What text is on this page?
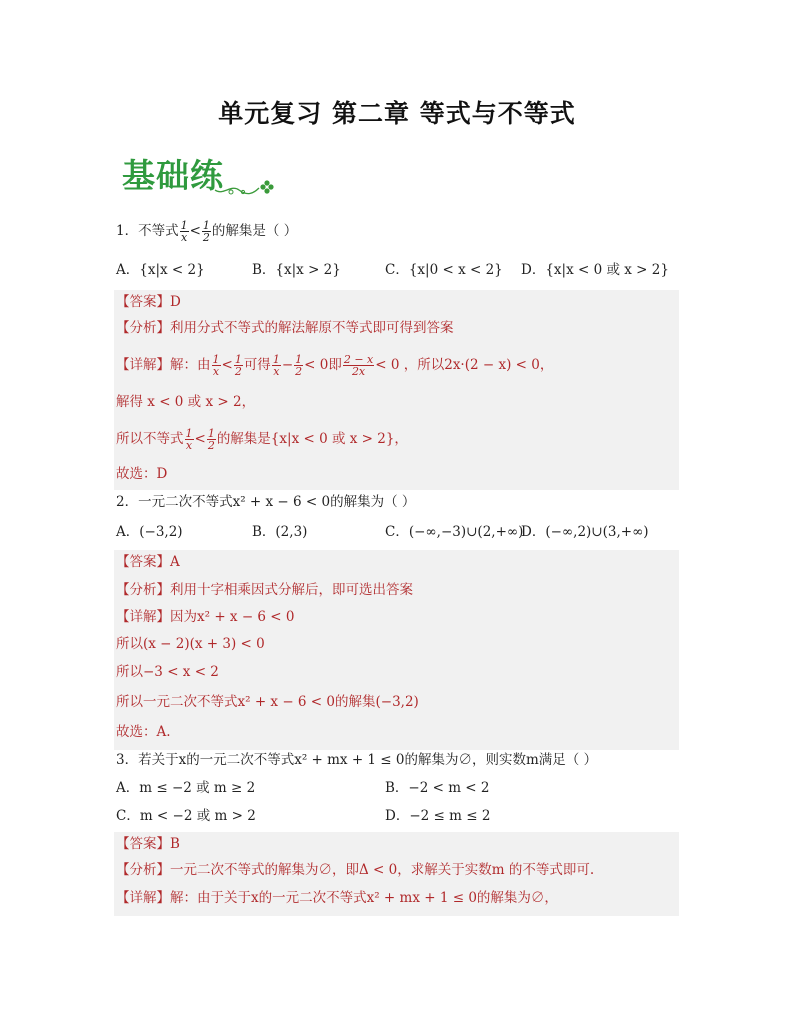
单元复习 第二章 等式与不等式
基础练
1．不等式 $\frac{1}{x} < \frac{1}{2}$ 的解集是（ ）
A．{x|x < 2}	B．{x|x > 2}	C．{x|0 < x < 2} D．{x|x < 0 或 x > 2}
【答案】D
【分析】利用分式不等式的解法解原不等式即可得到答案
【详解】解：由 $\frac{1}{x} < \frac{1}{2}$ 可得 $\frac{1}{x} - \frac{1}{2} < 0$即 $\frac{2 - x}{2x} < 0$ ，所以2x·(2 − x) < 0，
解得 x < 0 或 x > 2，
所以不等式 $\frac{1}{x} < \frac{1}{2}$ 的解集是{x|x < 0 或 x > 2}，
故选：D
2．一元二次不等式x² + x − 6 < 0的解集为（ ）
A．(−3,2)	B．(2,3)	C．(−∞,−3)∪(2,+∞)
D．(−∞,2)∪(3,+∞)
【答案】A
【分析】利用十字相乘因式分解后，即可选出答案
【详解】因为x² + x − 6 < 0
所以(x − 2)(x + 3) < 0
所以−3 < x < 2
所以一元二次不等式x² + x − 6 < 0的解集(−3,2)
故选：A.
3．若关于x的一元二次不等式x² + mx + 1 ≤ 0的解集为∅，则实数m满足（ ）
A．m ≤ −2 或 m ≥ 2	B．−2 < m < 2
C．m < −2 或 m > 2	D．−2 ≤ m ≤ 2
【答案】B
【分析】一元二次不等式的解集为∅，即Δ < 0，求解关于实数m 的不等式即可.
【详解】解：由于关于x的一元二次不等式x² + mx + 1 ≤ 0的解集为∅，
